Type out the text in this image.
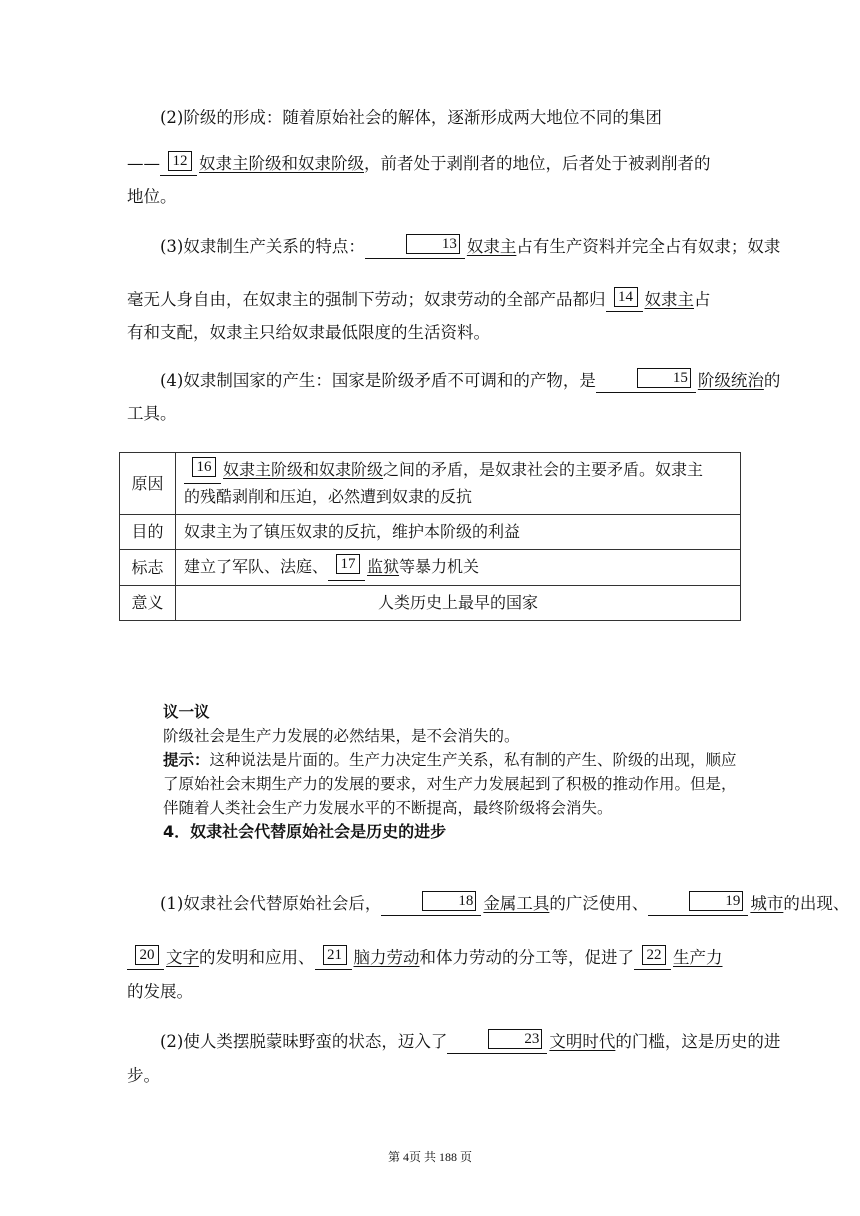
(2)阶级的形成：随着原始社会的解体，逐渐形成两大地位不同的集团
—— 12 奴隶主阶级和奴隶阶级，前者处于剥削者的地位，后者处于被剥削者的
地位。
(3)奴隶制生产关系的特点：	13 奴隶主占有生产资料并完全占有奴隶；奴隶
毫无人身自由，在奴隶主的强制下劳动；奴隶劳动的全部产品都归 14 奴隶主占
有和支配，奴隶主只给奴隶最低限度的生活资料。
(4)奴隶制国家的产生：国家是阶级矛盾不可调和的产物，是	15 阶级统治的
工具。
原因	16 奴隶主阶级和奴隶阶级之间的矛盾，是奴隶社会的主要矛盾。奴隶主
的残酷剥削和压迫，必然遭到奴隶的反抗
目的	奴隶主为了镇压奴隶的反抗，维护本阶级的利益
标志	建立了军队、法庭、 17 监狱等暴力机关
意义	人类历史上最早的国家
议一议
阶级社会是生产力发展的必然结果，是不会消失的。
提示：这种说法是片面的。生产力决定生产关系，私有制的产生、阶级的出现，顺应了原始社会末期生产力的发展的要求，对生产力发展起到了积极的推动作用。但是，伴随着人类社会生产力发展水平的不断提高，最终阶级将会消失。
4．奴隶社会代替原始社会是历史的进步
(1)奴隶社会代替原始社会后，	18 金属工具的广泛使用、	19 城市的出现、
20 文字的发明和应用、 21 脑力劳动和体力劳动的分工等，促进了 22 生产力
的发展。
(2)使人类摆脱蒙昧野蛮的状态，迈入了	23 文明时代的门槛，这是历史的进
步。
第 4页 共 188 页
